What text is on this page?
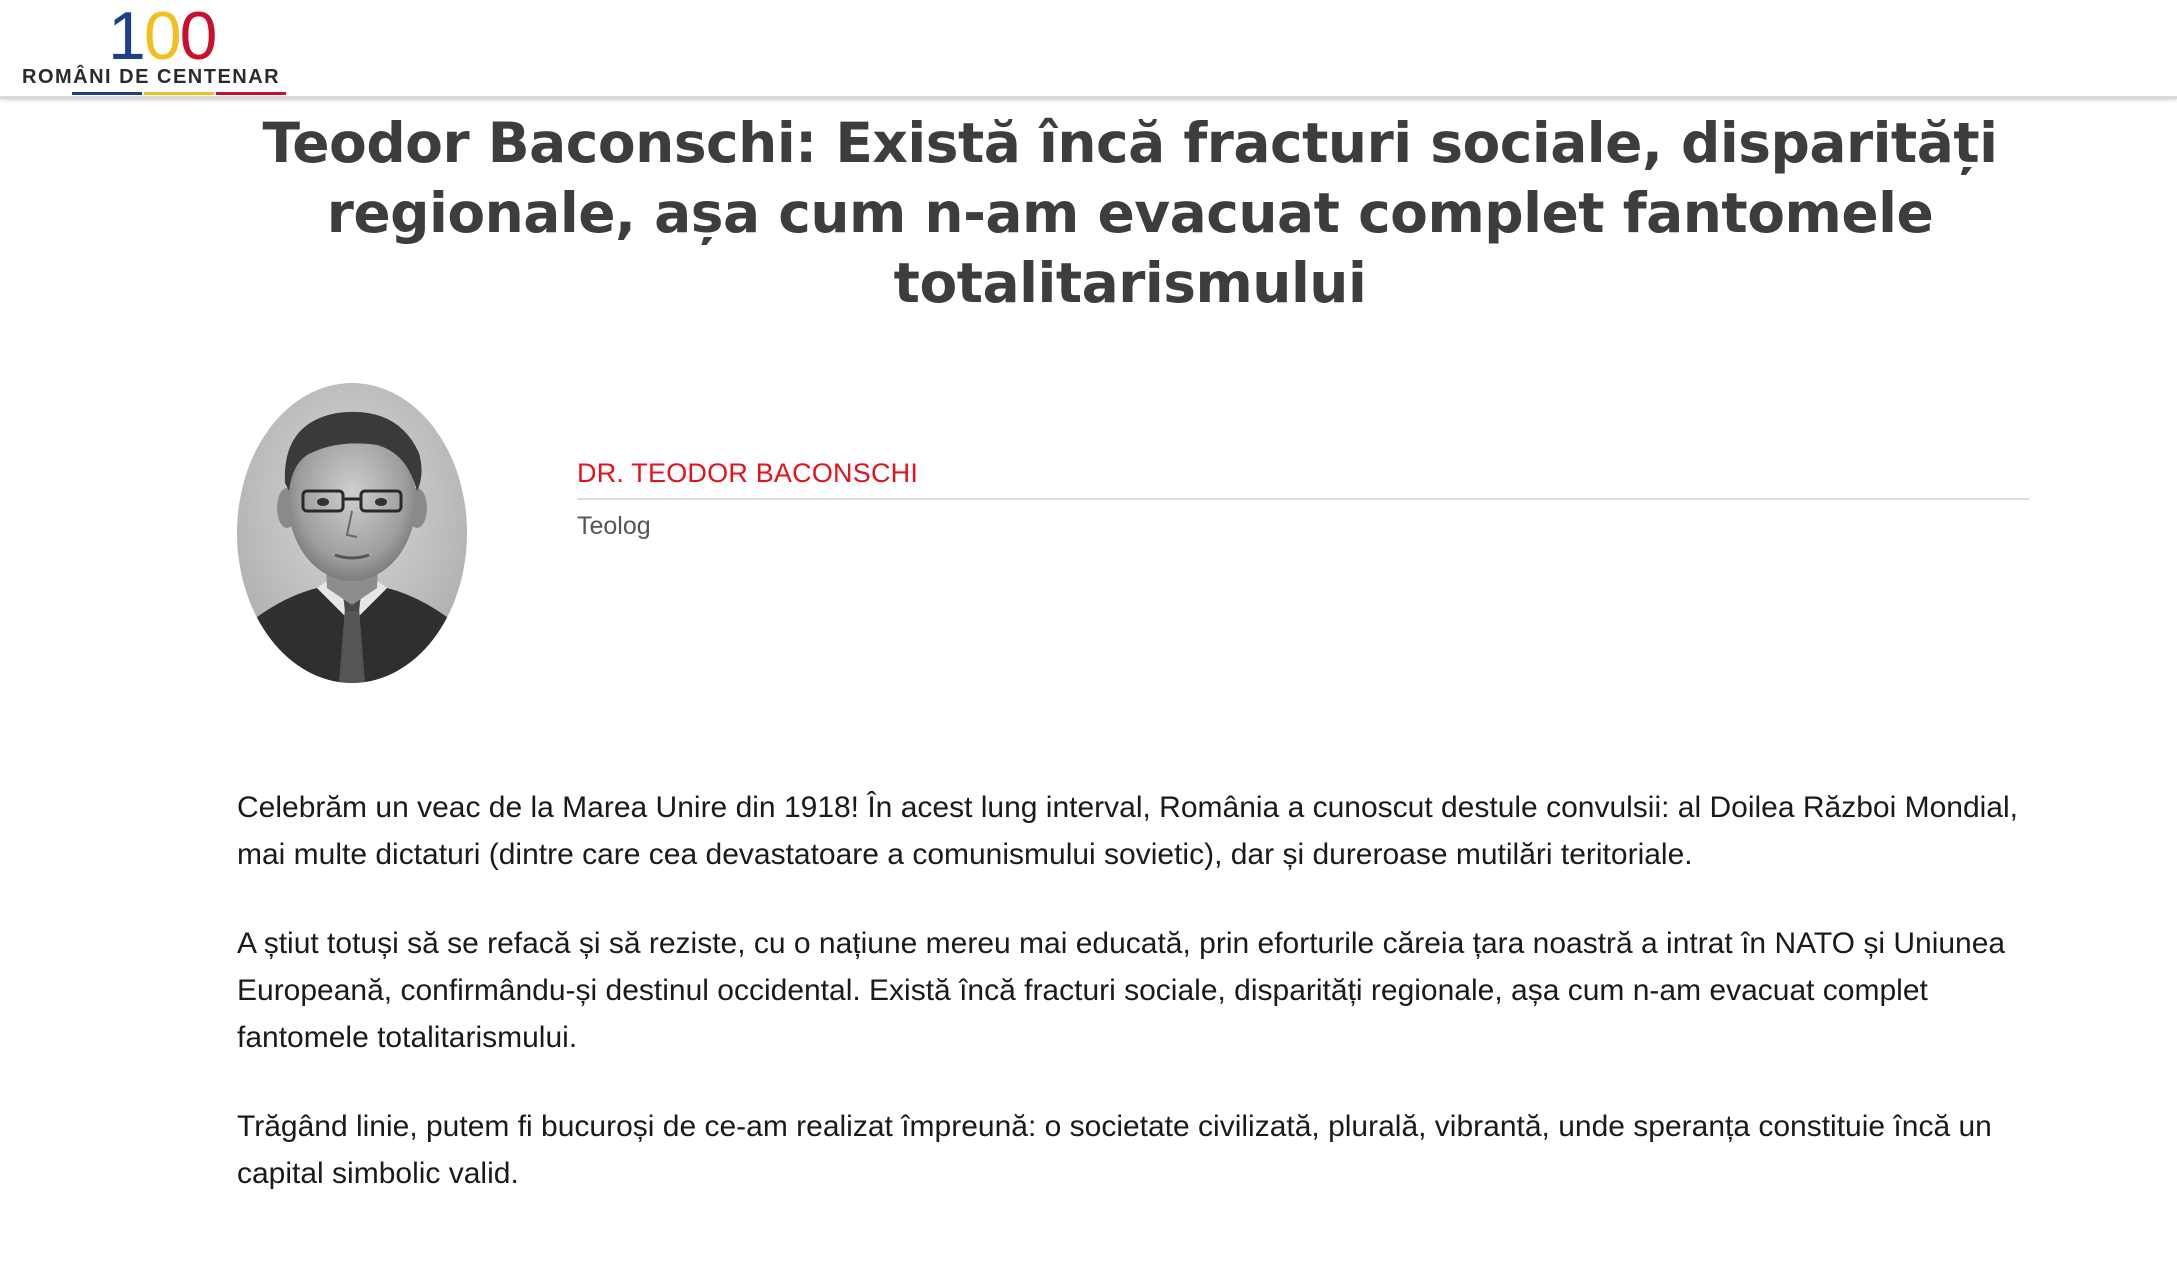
100
ROMÂNI DE CENTENAR
Teodor Baconschi: Există încă fracturi sociale, disparități regionale, așa cum n-am evacuat complet fantomele totalitarismului
DR. TEODOR BACONSCHI
Teolog

Celebrăm un veac de la Marea Unire din 1918! În acest lung interval, România a cunoscut destule convulsii: al Doilea Război Mondial, mai multe dictaturi (dintre care cea devastatoare a comunismului sovietic), dar și dureroase mutilări teritoriale.

A știut totuși să se refacă și să reziste, cu o națiune mereu mai educată, prin eforturile căreia țara noastră a intrat în NATO și Uniunea Europeană, confirmându-și destinul occidental. Există încă fracturi sociale, disparități regionale, așa cum n-am evacuat complet fantomele totalitarismului.

Trăgând linie, putem fi bucuroși de ce-am realizat împreună: o societate civilizată, plurală, vibrantă, unde speranța constituie încă un capital simbolic valid.
